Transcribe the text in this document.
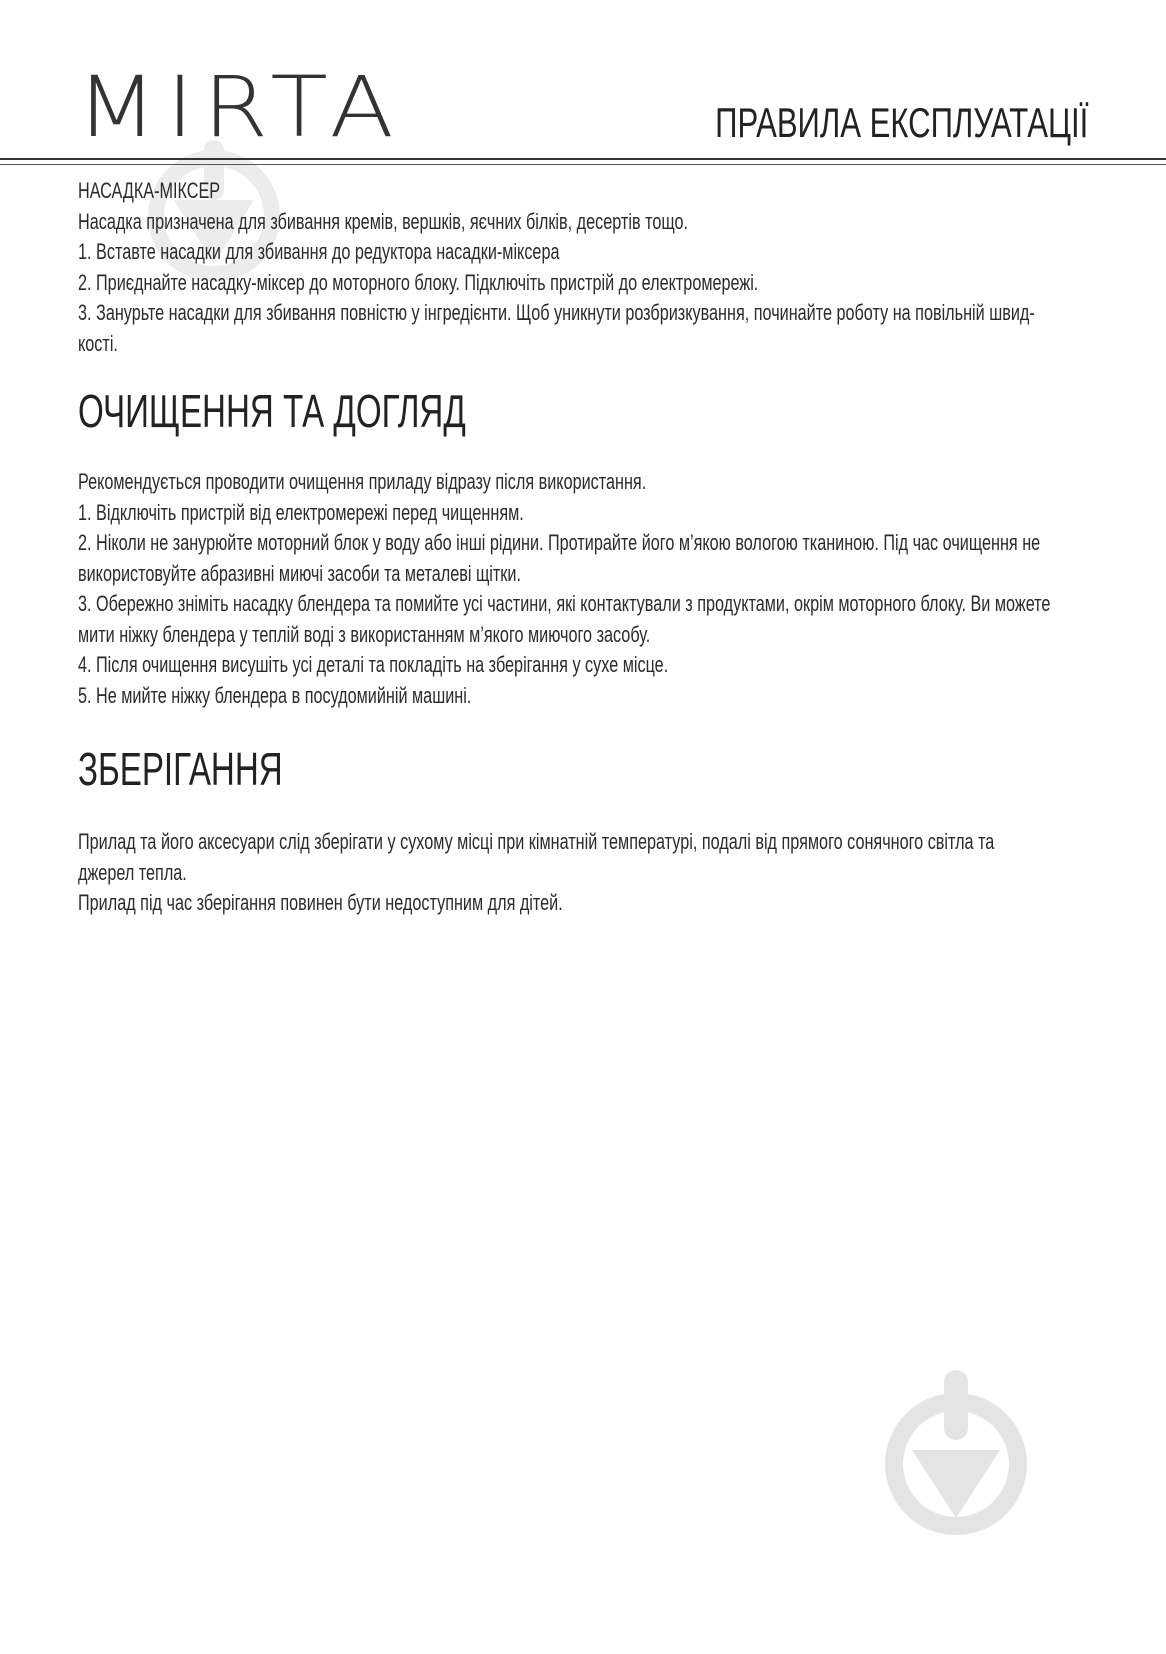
MIRTA	ПРАВИЛА ЕКСПЛУАТАЦІЇ

НАСАДКА-МІКСЕР

Насадка призначена для збивання кремів, вершків, яєчних білків, десертів тощо.

1. Вставте насадки для збивання до редуктора насадки-міксера

2. Приєднайте насадку-міксер до моторного блоку. Підключіть пристрій до електромережі.

3. Занурьте насадки для збивання повністю у інгредієнти. Щоб уникнути розбризкування, починайте роботу на повільній швид-

кості.

ОЧИЩЕННЯ ТА ДОГЛЯД

Рекомендується проводити очищення приладу відразу після використання.

1. Відключіть пристрій від електромережі перед чищенням.

2. Ніколи не занурюйте моторний блок у воду або інші рідини. Протирайте його м’якою вологою тканиною. Під час очищення не

використовуйте абразивні миючі засоби та металеві щітки.

3. Обережно зніміть насадку блендера та помийте усі частини, які контактували з продуктами, окрім моторного блоку. Ви можете

мити ніжку блендера у теплій воді з використанням м’якого миючого засобу.

4. Після очищення висушіть усі деталі та покладіть на зберігання у сухе місце.

5. Не мийте ніжку блендера в посудомийній машині.

ЗБЕРІГАННЯ

Прилад та його аксесуари слід зберігати у сухому місці при кімнатній температурі, подалі від прямого сонячного світла та

джерел тепла.

Прилад під час зберігання повинен бути недоступним для дітей.
